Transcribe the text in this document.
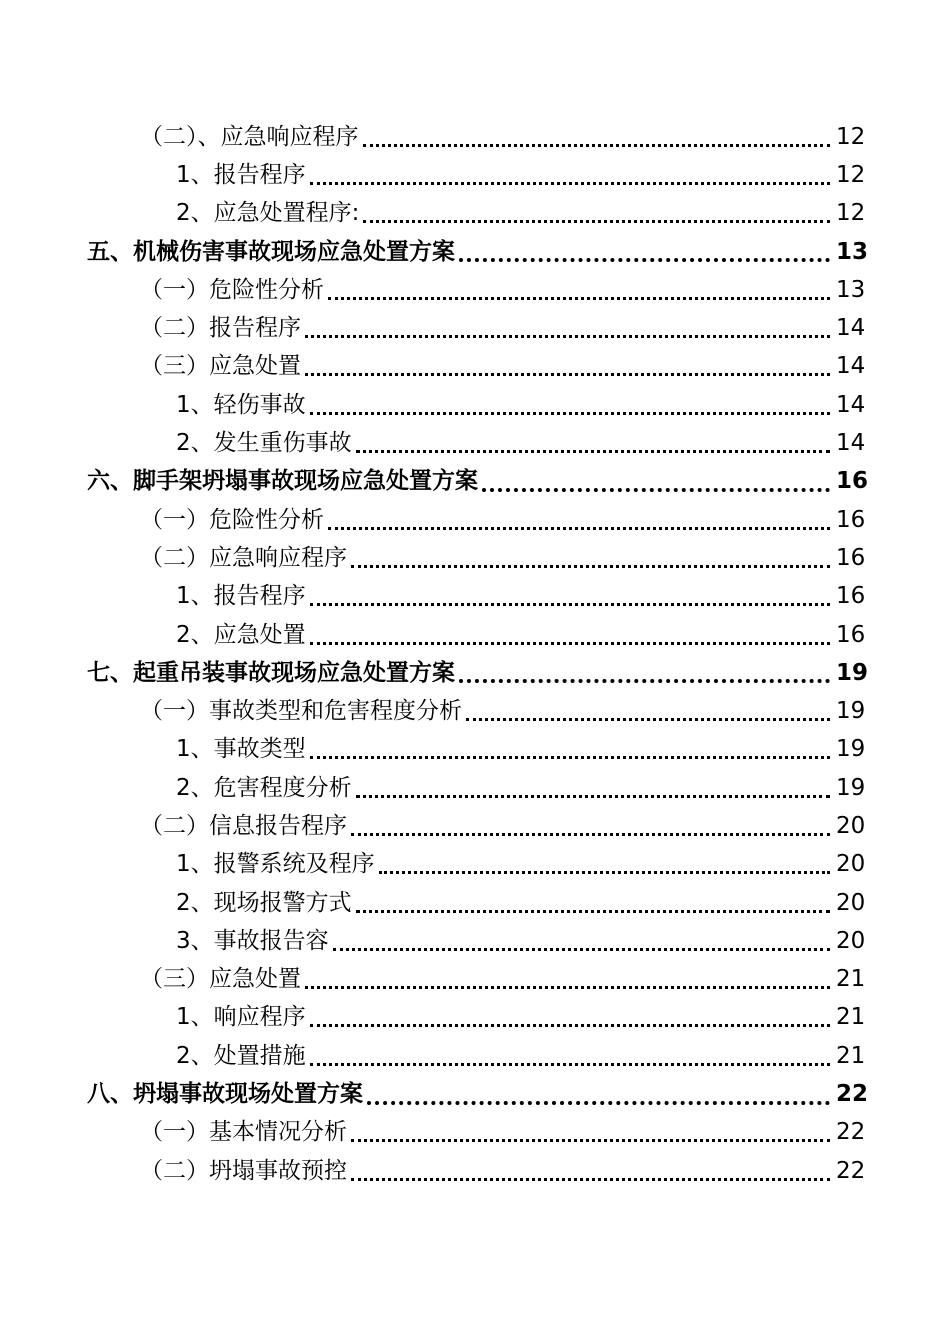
（二）、应急响应程序	12
1、报告程序	12
2、应急处置程序:	12
五、机械伤害事故现场应急处置方案	13
（一）危险性分析	13
（二）报告程序	14
（三）应急处置	14
1、轻伤事故	14
2、发生重伤事故	14
六、脚手架坍塌事故现场应急处置方案	16
（一）危险性分析	16
（二）应急响应程序	16
1、报告程序	16
2、应急处置	16
七、起重吊装事故现场应急处置方案	19
（一）事故类型和危害程度分析	19
1、事故类型	19
2、危害程度分析	19
（二）信息报告程序	20
1、报警系统及程序	20
2、现场报警方式	20
3、事故报告容	20
（三）应急处置	21
1、响应程序	21
2、处置措施	21
八、坍塌事故现场处置方案	22
（一）基本情况分析	22
（二）坍塌事故预控	22
